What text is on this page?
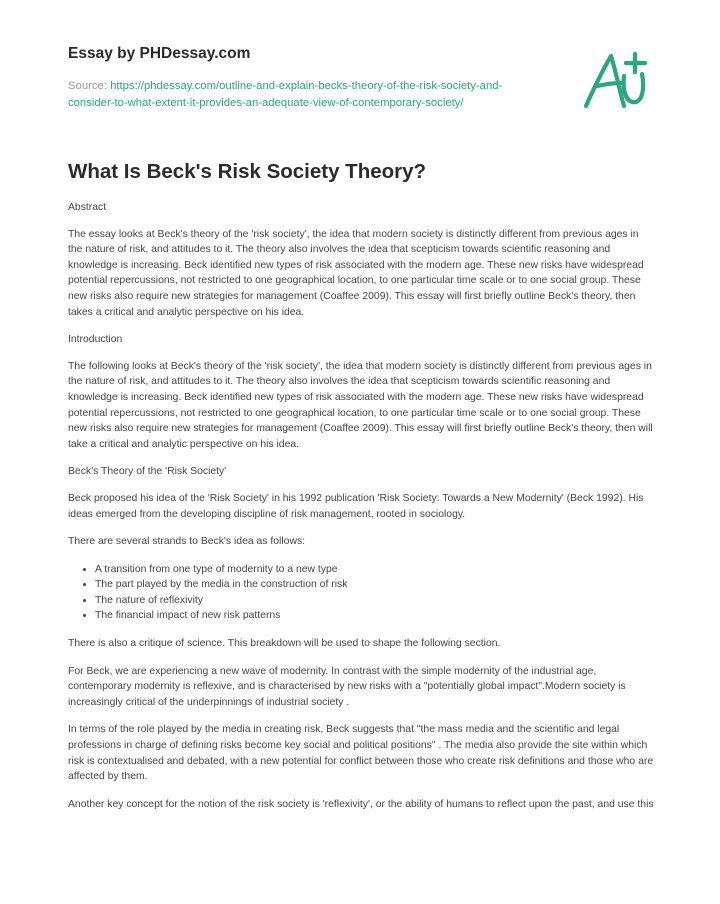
Essay by PHDessay.com
Source: https://phdessay.com/outline-and-explain-becks-theory-of-the-risk-society-and-
consider-to-what-extent-it-provides-an-adequate-view-of-contemporary-society/
What Is Beck's Risk Society Theory?

Abstract

The essay looks at Beck's theory of the 'risk society', the idea that modern society is distinctly different from previous ages in the nature of risk, and attitudes to it. The theory also involves the idea that scepticism towards scientific reasoning and knowledge is increasing. Beck identified new types of risk associated with the modern age. These new risks have widespread potential repercussions, not restricted to one geographical location, to one particular time scale or to one social group. These new risks also require new strategies for management (Coaffee 2009). This essay will first briefly outline Beck's theory, then takes a critical and analytic perspective on his idea.

Introduction

The following looks at Beck's theory of the 'risk society', the idea that modern society is distinctly different from previous ages in the nature of risk, and attitudes to it. The theory also involves the idea that scepticism towards scientific reasoning and knowledge is increasing. Beck identified new types of risk associated with the modern age. These new risks have widespread potential repercussions, not restricted to one geographical location, to one particular time scale or to one social group. These new risks also require new strategies for management (Coaffee 2009). This essay will first briefly outline Beck's theory, then will take a critical and analytic perspective on his idea.

Beck's Theory of the 'Risk Society'

Beck proposed his idea of the 'Risk Society' in his 1992 publication 'Risk Society: Towards a New Modernity' (Beck 1992). His ideas emerged from the developing discipline of risk management, rooted in sociology.

There are several strands to Beck's idea as follows:

• A transition from one type of modernity to a new type
• The part played by the media in the construction of risk
• The nature of reflexivity
• The financial impact of new risk patterns

There is also a critique of science. This breakdown will be used to shape the following section.

For Beck, we are experiencing a new wave of modernity. In contrast with the simple modernity of the industrial age, contemporary modernity is reflexive, and is characterised by new risks with a "potentially global impact".Modern society is increasingly critical of the underpinnings of industrial society .

In terms of the role played by the media in creating risk, Beck suggests that "the mass media and the scientific and legal professions in charge of defining risks become key social and political positions" . The media also provide the site within which risk is contextualised and debated, with a new potential for conflict between those who create risk definitions and those who are affected by them.

Another key concept for the notion of the risk society is 'reflexivity', or the ability of humans to reflect upon the past, and use this
